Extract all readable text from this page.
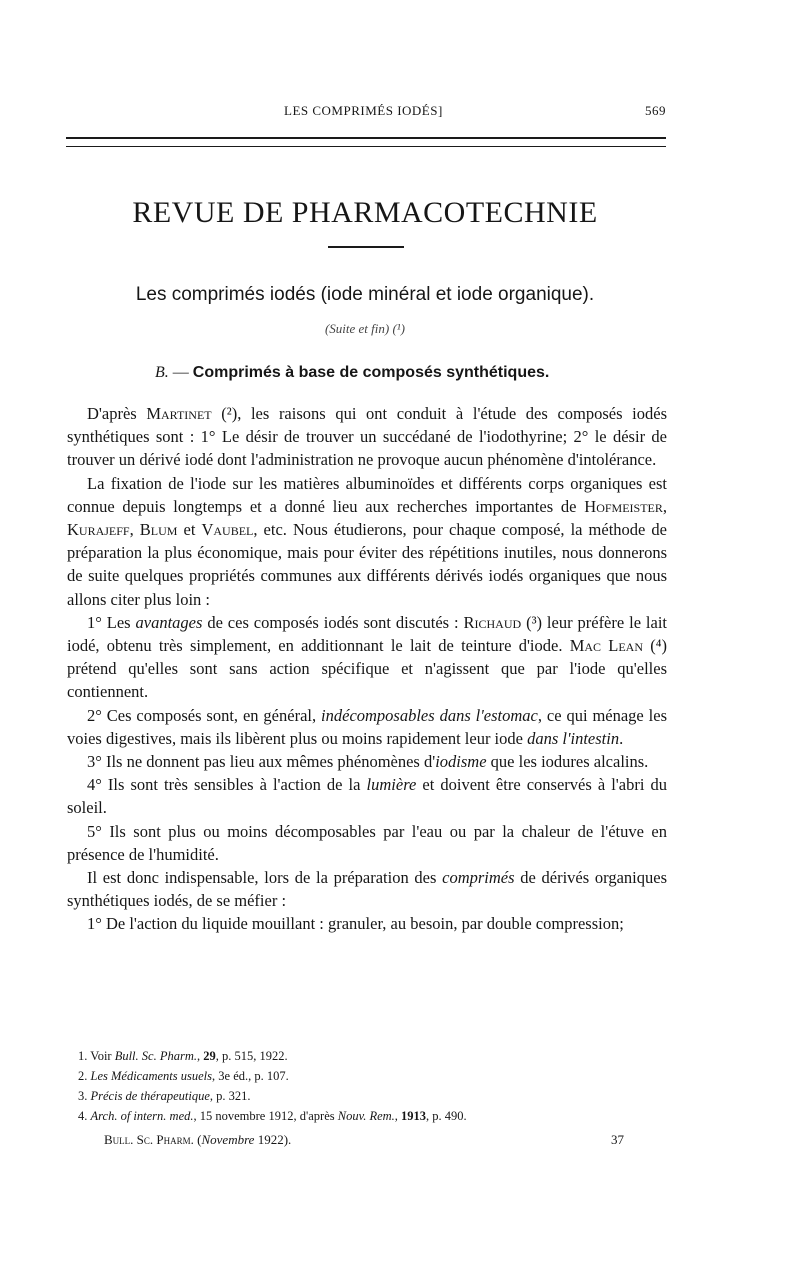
LES COMPRIMÉS IODÉS]	569
REVUE DE PHARMACOTECHNIE
Les comprimés iodés (iode minéral et iode organique).
(Suite et fin) (¹)
B. — Comprimés à base de composés synthétiques.

D'après Martinet (²), les raisons qui ont conduit à l'étude des composés iodés synthétiques sont : 1° Le désir de trouver un succédané de l'iodothyrine; 2° le désir de trouver un dérivé iodé dont l'administration ne provoque aucun phénomène d'intolérance.

La fixation de l'iode sur les matières albuminoïdes et différents corps organiques est connue depuis longtemps et a donné lieu aux recherches importantes de Hofmeister, Kurajeff, Blum et Vaubel, etc. Nous étudierons, pour chaque composé, la méthode de préparation la plus économique, mais pour éviter des répétitions inutiles, nous donnerons de suite quelques propriétés communes aux différents dérivés iodés organiques que nous allons citer plus loin :

1° Les avantages de ces composés iodés sont discutés : Richaud (³) leur préfère le lait iodé, obtenu très simplement, en additionnant le lait de teinture d'iode. Mac Lean (⁴) prétend qu'elles sont sans action spécifique et n'agissent que par l'iode qu'elles contiennent.

2° Ces composés sont, en général, indécomposables dans l'estomac, ce qui ménage les voies digestives, mais ils libèrent plus ou moins rapidement leur iode dans l'intestin.

3° Ils ne donnent pas lieu aux mêmes phénomènes d'iodisme que les iodures alcalins.

4° Ils sont très sensibles à l'action de la lumière et doivent être conservés à l'abri du soleil.

5° Ils sont plus ou moins décomposables par l'eau ou par la chaleur de l'étuve en présence de l'humidité.

Il est donc indispensable, lors de la préparation des comprimés de dérivés organiques synthétiques iodés, de se méfier :

1° De l'action du liquide mouillant : granuler, au besoin, par double compression;

1. Voir Bull. Sc. Pharm., 29, p. 515, 1922.
2. Les Médicaments usuels, 3e éd., p. 107.
3. Précis de thérapeutique, p. 321.
4. Arch. of intern. med., 15 novembre 1912, d'après Nouv. Rem., 1913, p. 490.
Bull. Sc. Pharm. (Novembre 1922).	37
